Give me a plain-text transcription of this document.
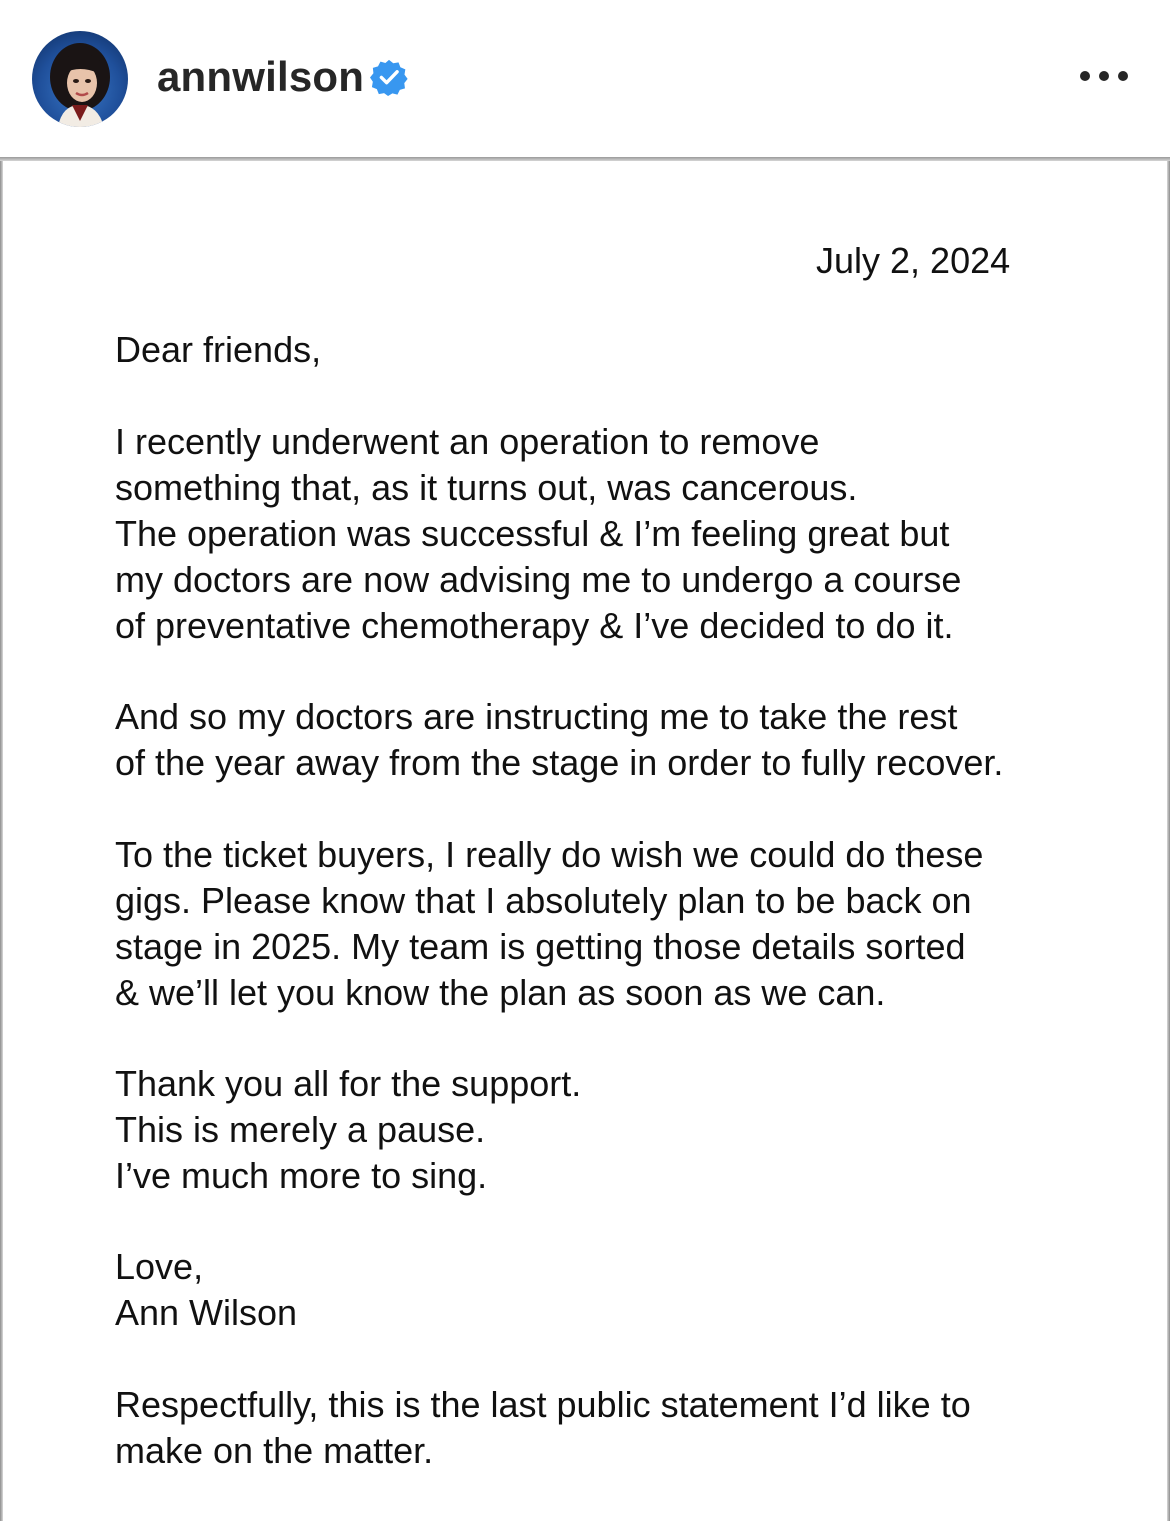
annwilson
July 2, 2024
Dear friends,
I recently underwent an operation to remove
something that, as it turns out, was cancerous.
The operation was successful & I’m feeling great but
my doctors are now advising me to undergo a course
of preventative chemotherapy & I’ve decided to do it.
And so my doctors are instructing me to take the rest
of the year away from the stage in order to fully recover.
To the ticket buyers, I really do wish we could do these
gigs. Please know that I absolutely plan to be back on
stage in 2025. My team is getting those details sorted
& we’ll let you know the plan as soon as we can.
Thank you all for the support.
This is merely a pause.
I’ve much more to sing.
Love,
Ann Wilson
Respectfully, this is the last public statement I’d like to
make on the matter.
